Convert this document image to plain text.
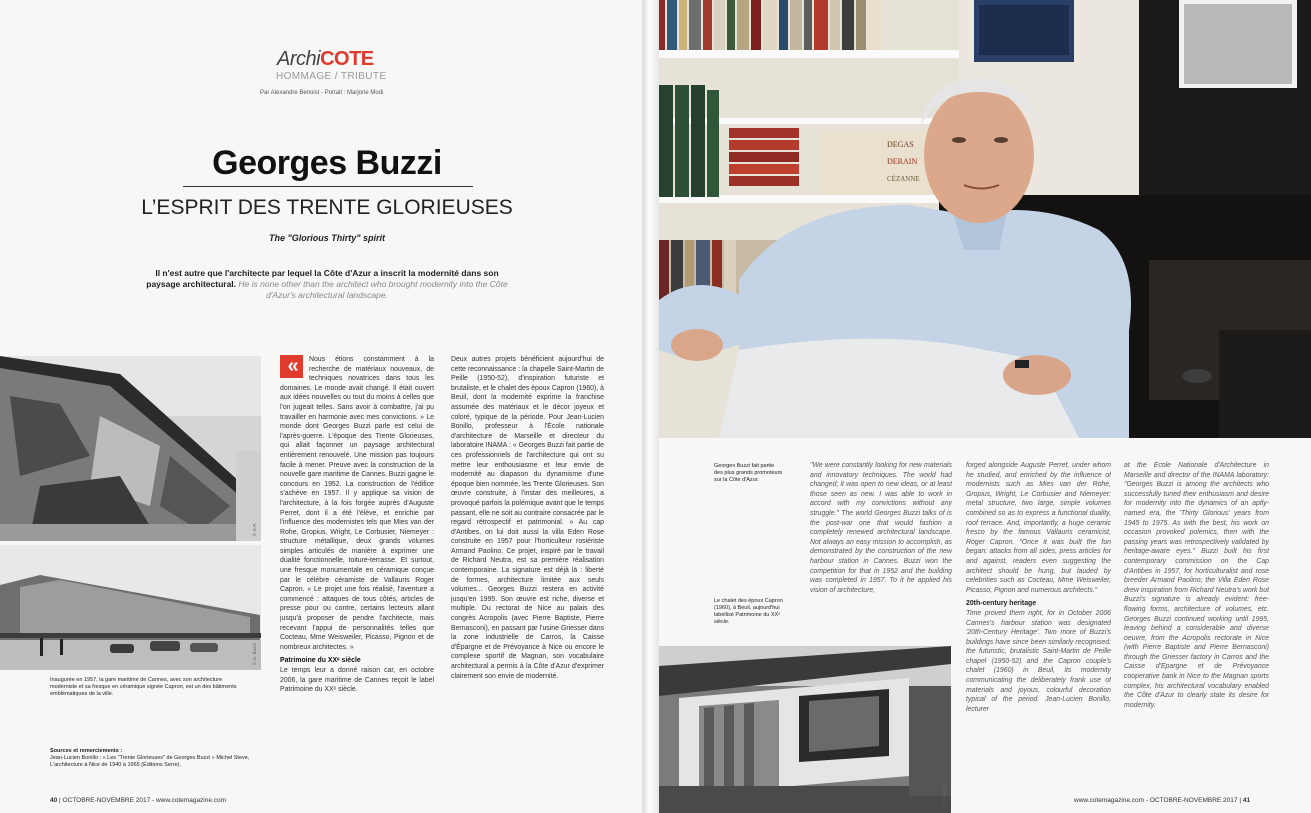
ArchiCOTE
HOMMAGE / TRIBUTE
Par Alexandre Benoist - Portait : Marjorie Modi
Georges Buzzi
L’ESPRIT DES TRENTE GLORIEUSES
The "Glorious Thirty" spirit
Il n'est autre que l'architecte par lequel la Côte d'Azur a inscrit la modernité dans son paysage architectural. He is none other than the architect who brought modernity into the Côte d'Azur's architectural landscape.
© D.R.
© G. Buzzi
Inaugurée en 1957, la gare maritime de Cannes, avec son architecture moderniste et sa fresque en céramique signée Capron, est un des bâtiments emblématiques de la ville.
Sources et remerciements :
Jean-Lucien Bonillo : « Les "Trente Glorieuses" de Georges Buzzi » Michel Steve, L'architecture à Nice de 1940 à 1965 (Éditions Serre).
«	Nous étions constamment à la recherche de matériaux nouveaux, de techniques novatrices dans tous les domaines. Le monde avait changé. Il était ouvert aux idées nouvelles ou tout du moins à celles que l'on jugeait telles. Sans avoir à combattre, j'ai pu travailler en harmonie avec mes convictions. » Le monde dont Georges Buzzi parle est celui de l'après-guerre. L'époque des Trente Glorieuses, qui allait façonner un paysage architectural entièrement renouvelé. Une mission pas toujours facile à mener. Preuve avec la construction de la nouvelle gare maritime de Cannes. Buzzi gagne le concours en 1952. La construction de l'édifice s'achève en 1957. Il y applique sa vision de l'architecture, à la fois forgée auprès d'Auguste Perret, dont il a été l'élève, et enrichie par l'influence des modernistes tels que Mies van der Rohe, Gropius, Wright, Le Corbusier, Niemeyer : structure métallique, deux grands volumes simples articulés de manière à exprimer une dualité fonctionnelle, toiture-terrasse. Et surtout, une fresque monumentale en céramique conçue par le célèbre céramiste de Vallauris Roger Capron. « Le projet une fois réalisé, l'aventure a commencé : attaques de tous côtés, articles de presse pour ou contre, certains lecteurs allant jusqu'à proposer de pendre l'architecte, mais recevant l'appui de personnalités telles que Cocteau, Mme Weisweiler, Picasso, Pignon et de nombreux architectes. »

Patrimoine du XXᵉ siècle

Le temps leur a donné raison car, en octobre 2006, la gare maritime de Cannes reçoit le label Patrimoine du XXᵉ siècle.

Deux autres projets bénéficient aujourd'hui de cette reconnaissance : la chapelle Saint-Martin de Peille (1950-52), d'inspiration futuriste et brutaliste, et le chalet des époux Capron (1960), à Beuil, dont la modernité exprime la franchise assumée des matériaux et le décor joyeux et coloré, typique de la période. Pour Jean-Lucien Bonillo, professeur à l'École nationale d'architecture de Marseille et directeur du laboratoire INAMA : « Georges Buzzi fait partie de ces professionnels de l'architecture qui ont su mettre leur enthousiasme et leur envie de modernité au diapason du dynamisme d'une époque bien nommée, les Trente Glorieuses. Son œuvre construite, à l'instar des meilleures, a provoqué parfois la polémique avant que le temps passant, elle ne soit au contraire consacrée par le regard rétrospectif et patrimonial. » Au cap d'Antibes, on lui doit aussi la villa Eden Rose construite en 1957 pour l'horticulteur rosiériste Armand Paolino. Ce projet, inspiré par le travail de Richard Neutra, est sa première réalisation contemporaine. La signature est déjà là : liberté de formes, architecture limitée aux seuls volumes... Georges Buzzi restera en activité jusqu'en 1995. Son œuvre est riche, diverse et multiple. Du rectorat de Nice au palais des congrès Acropolis (avec Pierre Baptiste, Pierre Bernasconi), en passant par l'usine Griesser dans la zone industrielle de Carros, la Caisse d'Épargne et de Prévoyance à Nice ou encore le complexe sportif de Magnan, son vocabulaire architectural a permis à la Côte d'Azur d'exprimer clairement son envie de modernité.

40 | OCTOBRE-NOVEMBRE 2017 - www.cotemagazine.com
DEGAS
DERAIN
CÉZANNE
Georges Buzzi fait partie des plus grands promoteurs sur la Côte d'Azur.
Le chalet des époux Capron (1960), à Beuil, aujourd'hui labellisé Patrimoine du XXᵉ siècle.
© G. Buzzi

"We were constantly looking for new materials and innovatory techniques. The world had changed; it was open to new ideas, or at least those seen as new. I was able to work in accord with my convictions without any struggle." The world Georges Buzzi talks of is the post-war one that would fashion a completely renewed architectural landscape. Not always an easy mission to accomplish, as demonstrated by the construction of the new harbour station in Cannes. Buzzi won the competition for that in 1952 and the building was completed in 1957. To it he applied his vision of architecture,

forged alongside Auguste Perret, under whom he studied, and enriched by the influence of modernists such as Mies van der Rohe, Gropius, Wright, Le Corbusier and Niemeyer: metal structure, two large, simple volumes combined so as to express a functional duality, roof terrace. And, importantly, a huge ceramic fresco by the famous Vallauris ceramicist, Roger Capron. "Once it was built the fun began: attacks from all sides, press articles for and against, readers even suggesting the architect should be hung, but lauded by celebrities such as Cocteau, Mme Weisweiler, Picasso, Pignon and numerous architects."

20th-century heritage

Time proved them right, for in October 2006 Cannes's harbour station was designated '20th-Century Heritage'. Two more of Buzzi's buildings have since been similarly recognised: the futuristic, brutalistic Saint-Martin de Peille chapel (1950-52) and the Capron couple's chalet (1960) in Beuil, its modernity communicating the deliberately frank use of materials and joyous, colourful decoration typical of the period. Jean-Lucien Bonillo, lecturer

at the Ecole Nationale d'Architecture in Marseille and director of the INAMA laboratory: "Georges Buzzi is among the architects who successfully tuned their enthusiasm and desire for modernity into the dynamics of an aptly-named era, the 'Thirty Glorious' years from 1945 to 1975. As with the best, his work on occasion provoked polemics, then with the passing years was retrospectively validated by heritage-aware eyes." Buzzi built his first contemporary commission on the Cap d'Antibes in 1957, for horticulturalist and rose breeder Armand Paolino; the Villa Eden Rose drew inspiration from Richard Neutra's work but Buzzi's signature is already evident: free-flowing forms, architecture of volumes, etc. Georges Buzzi continued working until 1995, leaving behind a considerable and diverse oeuvre, from the Acropolis rectorate in Nice (with Pierre Baptiste and Pierre Bernasconi) through the Griesser factory in Carros and the Caisse d'Epargne et de Prévoyance cooperative bank in Nice to the Magnan sports complex, his architectural vocabulary enabled the Côte d'Azur to clearly state its desire for modernity.

www.cotemagazine.com - OCTOBRE-NOVEMBRE 2017 | 41
